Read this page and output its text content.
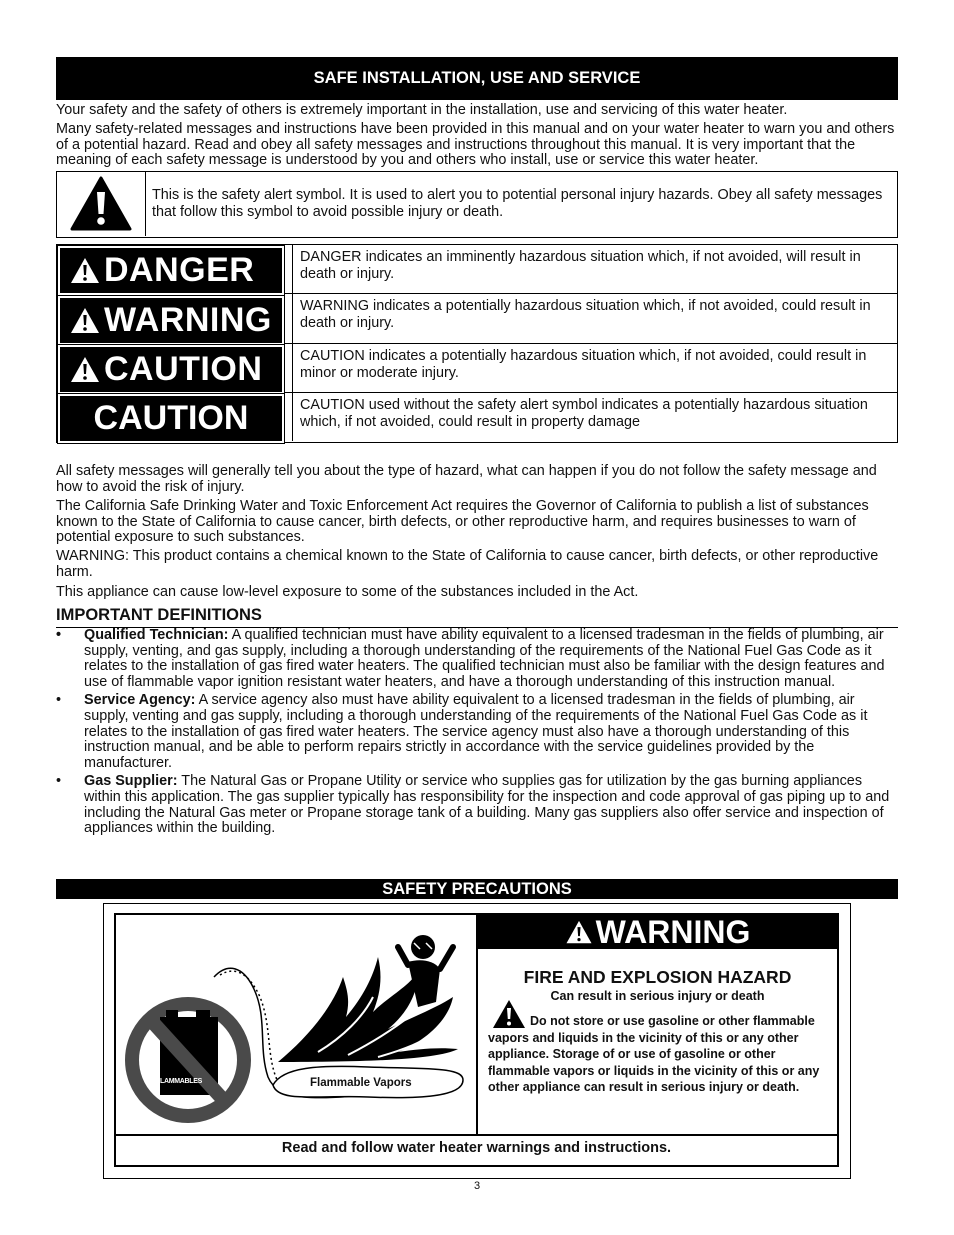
SAFE INSTALLATION, USE AND SERVICE

Your safety and the safety of others is extremely important in the installation, use and servicing of this water heater.

Many safety-related messages and instructions have been provided in this manual and on your water heater to warn you and others of a potential hazard. Read and obey all safety messages and instructions throughout this manual. It is very important that the meaning of each safety message is understood by you and others who install, use or service this water heater.

This is the safety alert symbol. It is used to alert you to potential personal injury hazards. Obey all safety messages that follow this symbol to avoid possible injury or death.
DANGER	DANGER indicates an imminently hazardous situation which, if not avoided, will result in death or injury.
WARNING WARNING indicates a potentially hazardous situation which, if not avoided, could result in death or injury.
CAUTION	CAUTION indicates a potentially hazardous situation which, if not avoided, could result in minor or moderate injury.
CAUTION	CAUTION used without the safety alert symbol indicates a potentially hazardous situation which, if not avoided, could result in property damage

All safety messages will generally tell you about the type of hazard, what can happen if you do not follow the safety message and how to avoid the risk of injury.

The California Safe Drinking Water and Toxic Enforcement Act requires the Governor of California to publish a list of substances known to the State of California to cause cancer, birth defects, or other reproductive harm, and requires businesses to warn of potential exposure to such substances.

WARNING: This product contains a chemical known to the State of California to cause cancer, birth defects, or other reproductive harm.

This appliance can cause low-level exposure to some of the substances included in the Act.

IMPORTANT DEFINITIONS
• Qualified Technician: A qualified technician must have ability equivalent to a licensed tradesman in the fields of plumbing, air supply, venting, and gas supply, including a thorough understanding of the requirements of the National Fuel Gas Code as it relates to the installation of gas fired water heaters. The qualified technician must also be familiar with the design features and use of flammable vapor ignition resistant water heaters, and have a thorough understanding of this instruction manual.
• Service Agency: A service agency also must have ability equivalent to a licensed tradesman in the fields of plumbing, air supply, venting and gas supply, including a thorough understanding of the requirements of the National Fuel Gas Code as it relates to the installation of gas fired water heaters. The service agency must also have a thorough understanding of this instruction manual, and be able to perform repairs strictly in accordance with the service guidelines provided by the manufacturer.
• Gas Supplier: The Natural Gas or Propane Utility or service who supplies gas for utilization by the gas burning appliances within this application. The gas supplier typically has responsibility for the inspection and code approval of gas piping up to and including the Natural Gas meter or Propane storage tank of a building. Many gas suppliers also offer service and inspection of appliances within the building.
SAFETY PRECAUTIONS
FLAMMABLES	Flammable Vapors
WARNING
FIRE AND EXPLOSION HAZARD
Can result in serious injury or death
Do not store or use gasoline or other flammable vapors and liquids in the vicinity of this or any other appliance. Storage of or use of gasoline or other flammable vapors or liquids in the vicinity of this or any other appliance can result in serious injury or death.
Read and follow water heater warnings and instructions.
3
